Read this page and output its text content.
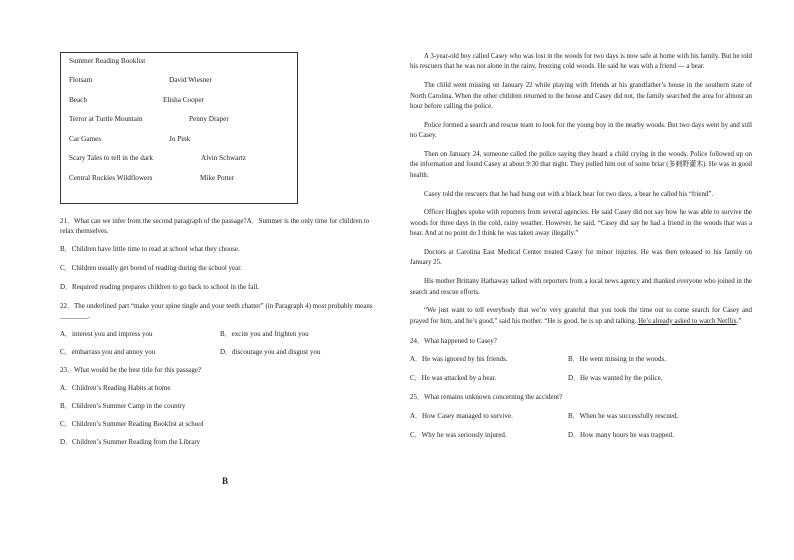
Summer Reading Booklist
Flotsam	David Wiesner
Beach	Elisha Cooper
Terror at Turtle Mountain	Penny Draper
Car Games	Jo Pink
Scary Tales to tell in the dark	Alvin Schwartz
Central Rockies Wildflowers	Mike Potter

21．What can we infer from the second paragraph of the passage?A．Summer is the only time for children to relax themselves.

B．Children have little time to read at school what they choose.

C．Children usually get bored of reading during the school year.

D．Required reading prepares children to go back to school in the fall.

22．The underlined part “make your spine tingle and your teeth chatter” (in Paragraph 4) most probably means ________.

A．interest you and impress you	B．excite you and frighten you
C．embarrass you and annoy you	D．discourage you and disgust you

23．What would be the best title for this passage?

A．Children’s Reading Habits at home

B．Children’s Summer Camp in the country

C．Children’s Summer Reading Booklist at school

D．Children’s Summer Reading from the Library

B

A 3-year-old boy called Casey who was lost in the woods for two days is now safe at home with his family. But he told his rescuers that he was not alone in the rainy, freezing cold woods. He said he was with a friend — a bear.

The child went missing on January 22 while playing with friends at his grandfather’s house in the southern state of North Carolina. When the other children returned to the house and Casey did not, the family searched the area for almost an hour before calling the police.

Police formed a search and rescue team to look for the young boy in the nearby woods. But two days went by and still no Casey.

Then on January 24, someone called the police saying they heard a child crying in the woods. Police followed up on the information and found Casey at about 9:30 that night. They pulled him out of some briar (多刺野灌木). He was in good health.

Casey told the rescuers that he had hung out with a black bear for two days, a bear he called his “friend”.

Officer Hughes spoke with reporters from several agencies. He said Casey did not say how he was able to survive the woods for three days in the cold, rainy weather. However, he said, “Casey did say he had a friend in the woods that was a bear. And at no point do I think he was taken away illegally.”

Doctors at Carolina East Medical Center treated Casey for minor injuries. He was then released to his family on January 25.

His mother Brittany Hathaway talked with reporters from a local news agency and thanked everyone who joined in the search and rescue efforts.

“We just want to tell everybody that we’re very grateful that you took the time out to come search for Casey and prayed for him, and he’s good,” said his mother. “He is good, he is up and talking. He’s already asked to watch Netflix.”

24．What happened to Casey?

A．He was ignored by his friends.	B．He went missing in the woods.
C．He was attacked by a bear.	D．He was wanted by the police.

25．What remains unknown concerning the accident?

A．How Casey managed to survive.	B．When he was successfully rescued.
C．Why he was seriously injured.	D．How many hours he was trapped.
